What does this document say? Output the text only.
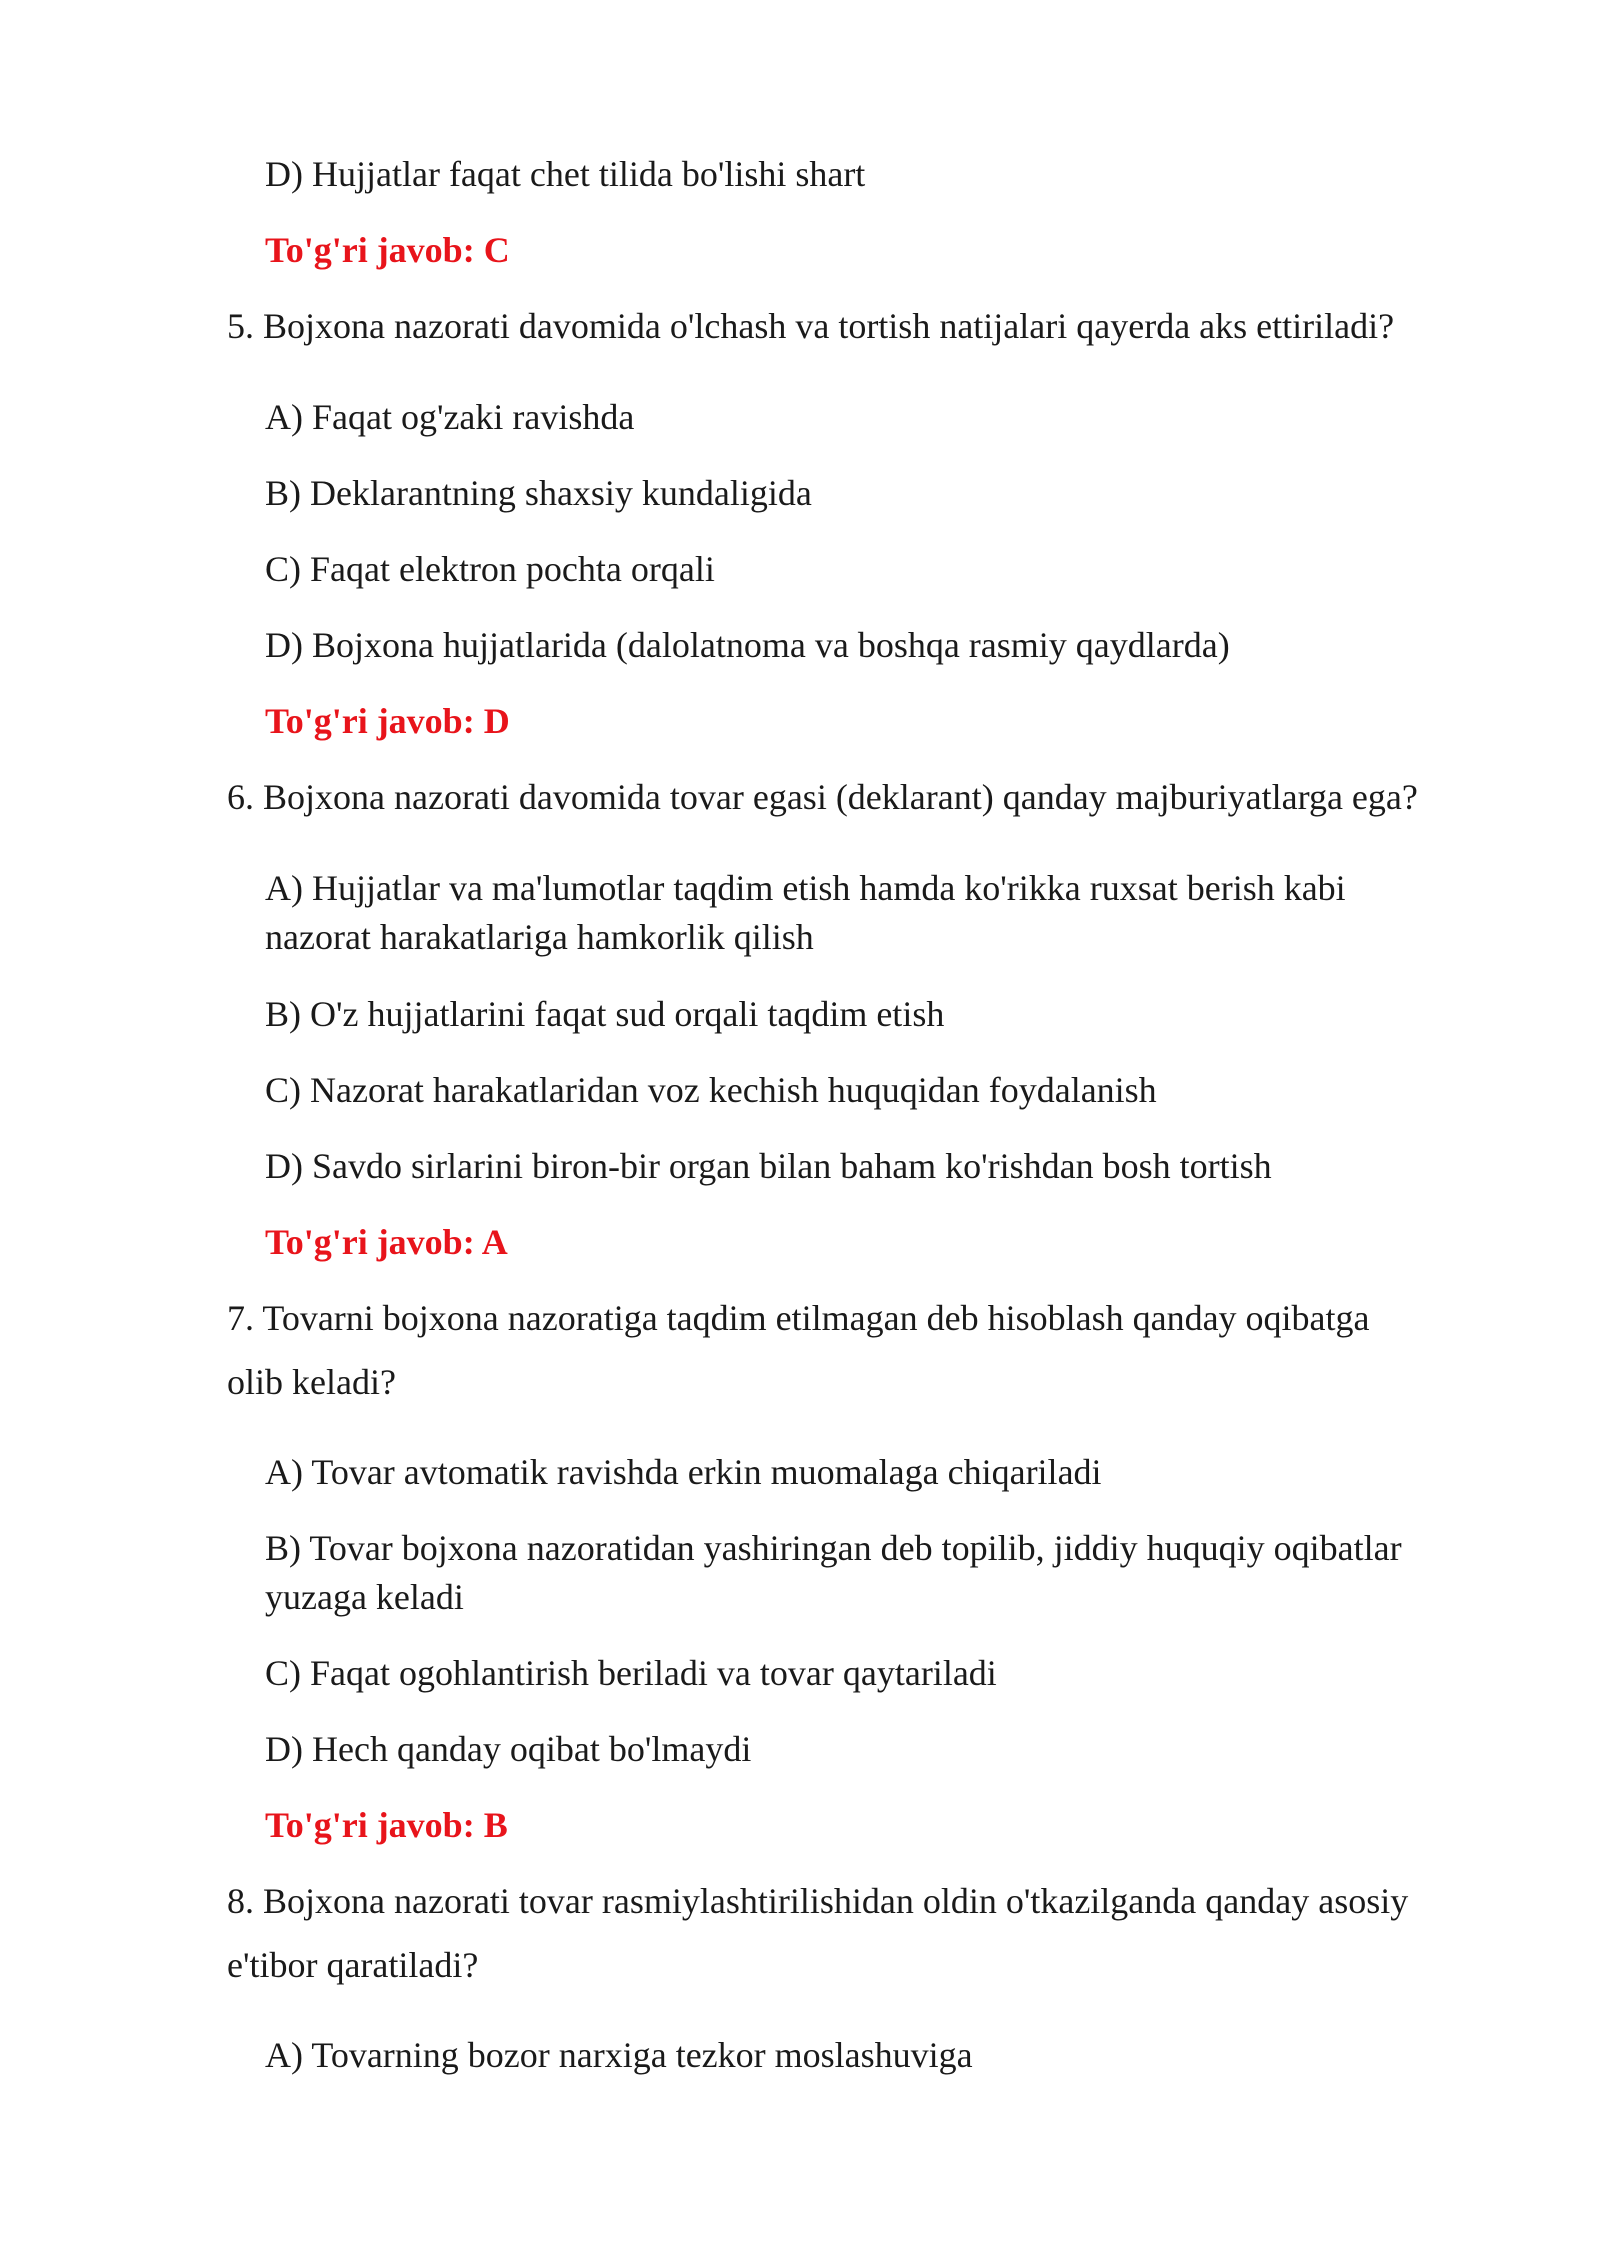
D) Hujjatlar faqat chet tilida bo'lishi shart
To'g'ri javob: C
5. Bojxona nazorati davomida o'lchash va tortish natijalari qayerda aks ettiriladi?
A) Faqat og'zaki ravishda
B) Deklarantning shaxsiy kundaligida
C) Faqat elektron pochta orqali
D) Bojxona hujjatlarida (dalolatnoma va boshqa rasmiy qaydlarda)
To'g'ri javob: D
6. Bojxona nazorati davomida tovar egasi (deklarant) qanday majburiyatlarga ega?
A) Hujjatlar va ma'lumotlar taqdim etish hamda ko'rikka ruxsat berish kabi
nazorat harakatlariga hamkorlik qilish
B) O'z hujjatlarini faqat sud orqali taqdim etish
C) Nazorat harakatlaridan voz kechish huquqidan foydalanish
D) Savdo sirlarini biron-bir organ bilan baham ko'rishdan bosh tortish
To'g'ri javob: A
7. Tovarni bojxona nazoratiga taqdim etilmagan deb hisoblash qanday oqibatga
olib keladi?
A) Tovar avtomatik ravishda erkin muomalaga chiqariladi
B) Tovar bojxona nazoratidan yashiringan deb topilib, jiddiy huquqiy oqibatlar
yuzaga keladi
C) Faqat ogohlantirish beriladi va tovar qaytariladi
D) Hech qanday oqibat bo'lmaydi
To'g'ri javob: B
8. Bojxona nazorati tovar rasmiylashtirilishidan oldin o'tkazilganda qanday asosiy
e'tibor qaratiladi?
A) Tovarning bozor narxiga tezkor moslashuviga
